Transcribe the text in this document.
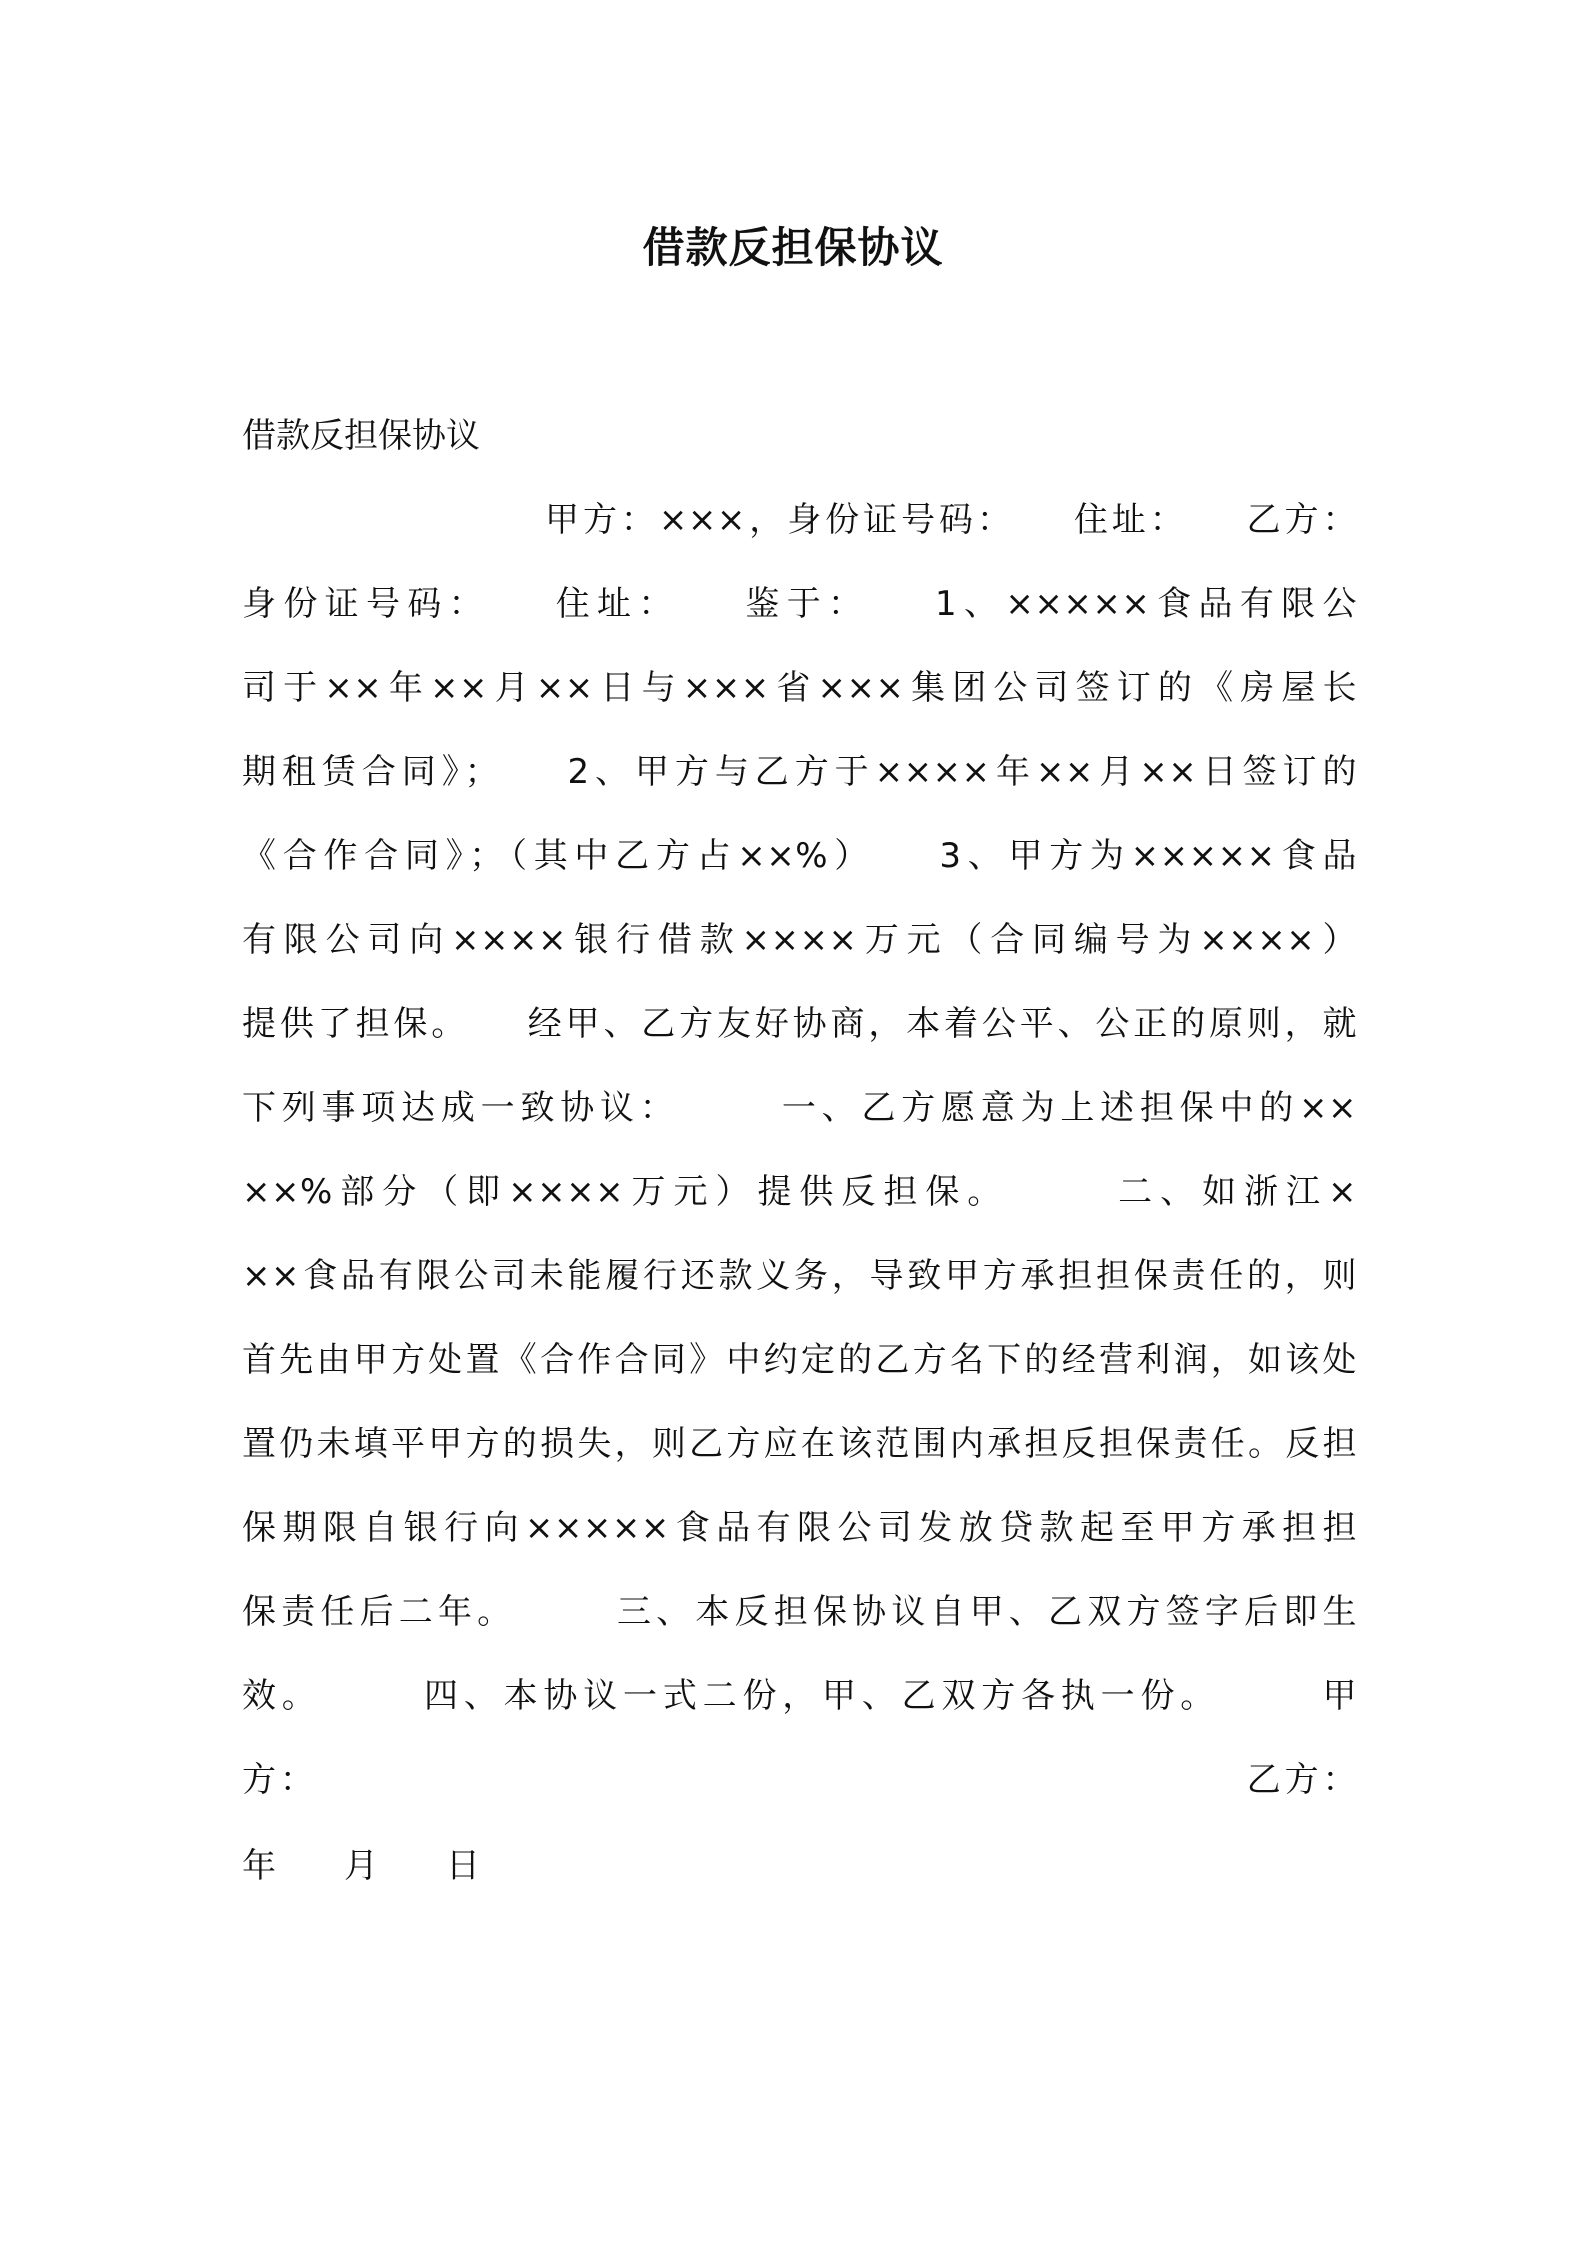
借款反担保协议
借款反担保协议
甲方：×××，身份证号码：　　住址：　　乙方：
身份证号码：　　住址：　　鉴于：　　1、×××××食品有限公
司于××年××月××日与×××省×××集团公司签订的《房屋长
期租赁合同》；　　2、甲方与乙方于××××年××月××日签订的
《合作合同》；（其中乙方占××%）　　3、甲方为×××××食品
有限公司向××××银行借款××××万元（合同编号为××××）
提供了担保。　　经甲、乙方友好协商，本着公平、公正的原则，就
下列事项达成一致协议：　　　一、乙方愿意为上述担保中的××
××%部分（即××××万元）提供反担保。　　　二、如浙江×
××食品有限公司未能履行还款义务，导致甲方承担担保责任的，则
首先由甲方处置《合作合同》中约定的乙方名下的经营利润，如该处
置仍未填平甲方的损失，则乙方应在该范围内承担反担保责任。反担
保期限自银行向×××××食品有限公司发放贷款起至甲方承担担
保责任后二年。　　　三、本反担保协议自甲、乙双方签字后即生
效。　　　四、本协议一式二份，甲、乙双方各执一份。　　　甲
方：　　　　　　　　　　　　　　　　　　　　　　　　　乙方：
年　　月　　日
